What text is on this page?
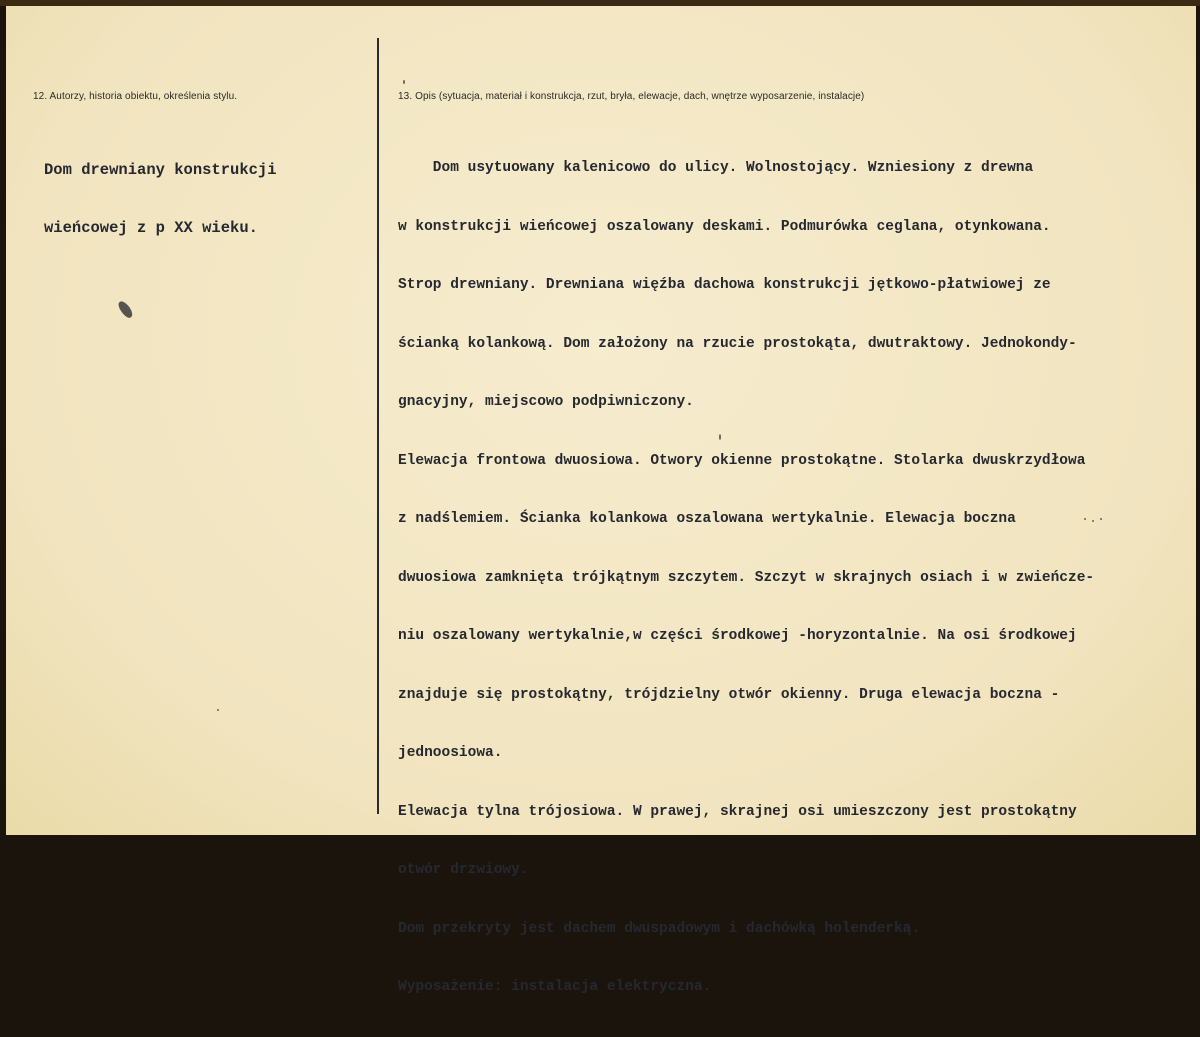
12. Autorzy, historia obiektu, określenia stylu.

Dom drewniany konstrukcji

wieńcowej z p XX wieku.

13. Opis (sytuacja, materiał i konstrukcja, rzut, bryła, elewacje, dach, wnętrze wyposarzenie, instalacje)

Dom usytuowany kalenicowo do ulicy. Wolnostojący. Wzniesiony z drewna

w konstrukcji wieńcowej oszalowany deskami. Podmurówka ceglana, otynkowana.

Strop drewniany. Drewniana więźba dachowa konstrukcji jętkowo-płatwiowej ze

ścianką kolankową. Dom założony na rzucie prostokąta, dwutraktowy. Jednokondy-

gnacyjny, miejscowo podpiwniczony.

Elewacja frontowa dwuosiowa. Otwory okienne prostokątne. Stolarka dwuskrzydłowa

z nadślemiem. Ścianka kolankowa oszalowana wertykalnie. Elewacja boczna

dwuosiowa zamknięta trójkątnym szczytem. Szczyt w skrajnych osiach i w zwieńcze-

niu oszalowany wertykalnie,w części środkowej -horyzontalnie. Na osi środkowej

znajduje się prostokątny, trójdzielny otwór okienny. Druga elewacja boczna -

jednoosiowa.

Elewacja tylna trójosiowa. W prawej, skrajnej osi umieszczony jest prostokątny

otwór drzwiowy.

Dom przekryty jest dachem dwuspadowym i dachówką holenderką.

Wyposażenie: instalacja elektryczna.
